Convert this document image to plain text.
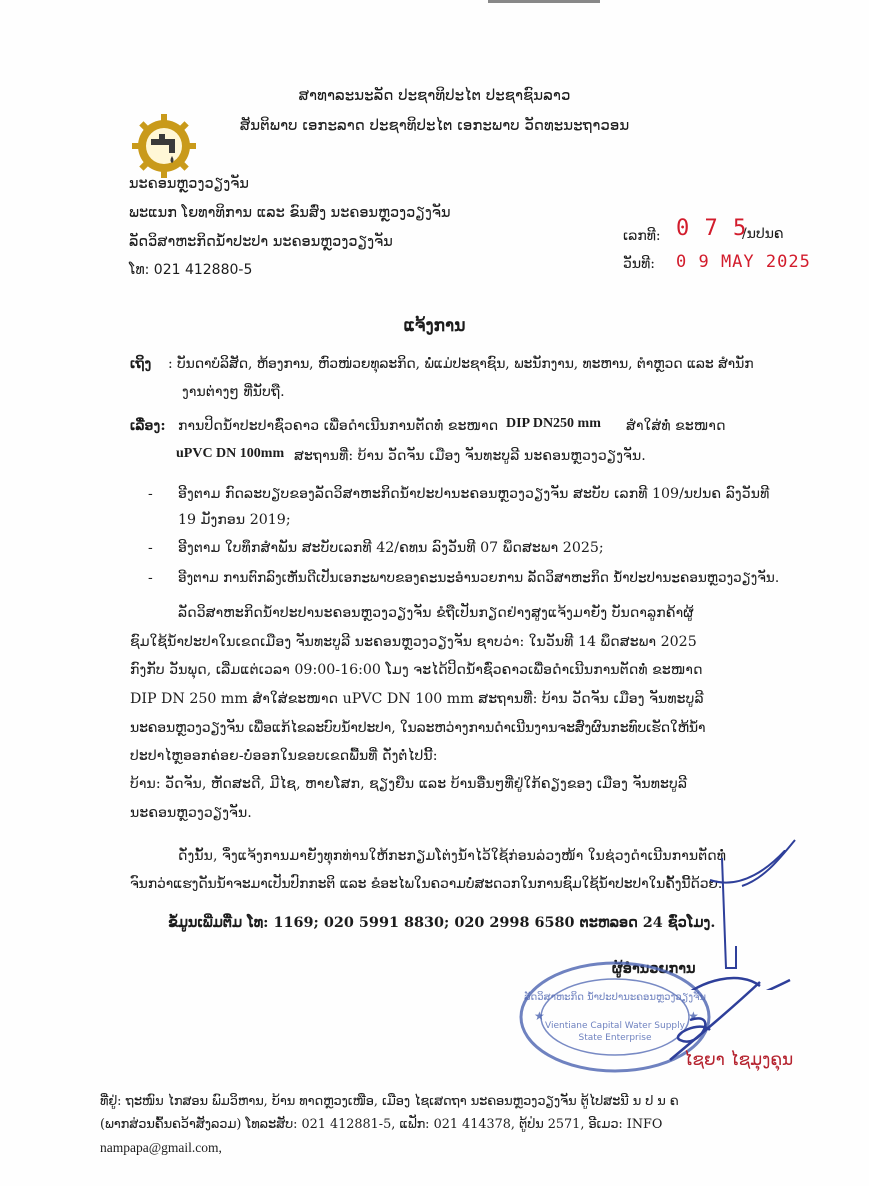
ສາທາລະນະລັດ ປະຊາທິປະໄຕ ປະຊາຊົນລາວ
ສັນຕິພາບ ເອກະລາດ ປະຊາທິປະໄຕ ເອກະພາບ ວັດທະນະຖາວອນ
ນະຄອນຫຼວງວຽງຈັນ
ພະແນກ ໂຍທາທິການ ແລະ ຂົນສົ່ງ ນະຄອນຫຼວງວຽງຈັນ
ລັດວິສາຫະກິດນ້ຳປະປາ ນະຄອນຫຼວງວຽງຈັນ
ໂທ: 021 412880-5
ເລກທີ: 0 7 5
/ນປນຄ
ວັນທີ: 0 9 MAY 2025
ແຈ້ງການ
ເຖິງ : ບັນດາບໍລິສັດ, ຫ້ອງການ, ຫົວໜ່ວຍທຸລະກິດ, ພໍ່ແມ່ປະຊາຊົນ, ພະນັກງານ, ທະຫານ, ຕຳຫຼວດ ແລະ ສຳນັກ
ງານຕ່າງໆ ທີ່ນັບຖື.
ເລື່ອງ: ການປິດນ້ຳປະປາຊົ່ວຄາວ ເພື່ອດຳເນີນການຕັດທໍ່ ຂະໜາດ DIP DN250 mm ສຳໃສ່ທໍ່ ຂະໜາດ
uPVC DN 100mm ສະຖານທີ່: ບ້ານ ວັດຈັນ ເມືອງ ຈັນທະບູລີ ນະຄອນຫຼວງວຽງຈັນ.
- ອີງຕາມ ກົດລະບຽບຂອງລັດວິສາຫະກິດນ້ຳປະປານະຄອນຫຼວງວຽງຈັນ ສະບັບ ເລກທີ 109/ນປນຄ ລົງວັນທີ
19 ມັງກອນ 2019;
- ອີງຕາມ ໃບທຶກສຳພັນ ສະບັບເລກທີ 42/ຄທນ ລົງວັນທີ 07 ພຶດສະພາ 2025;
- ອີງຕາມ ການຕົກລົງເຫັນດີເປັນເອກະພາບຂອງຄະນະອຳນວຍການ ລັດວິສາຫະກິດ ນ້ຳປະປານະຄອນຫຼວງວຽງຈັນ.
ລັດວິສາຫະກິດນ້ຳປະປານະຄອນຫຼວງວຽງຈັນ ຂໍຖືເປັນກຽດຢ່າງສູງແຈ້ງມາຍັງ ບັນດາລູກຄ້າຜູ້
ຊົມໃຊ້ນ້ຳປະປາໃນເຂດເມືອງ ຈັນທະບູລີ ນະຄອນຫຼວງວຽງຈັນ ຊາບວ່າ: ໃນວັນທີ 14 ພຶດສະພາ 2025
ກົງກັບ ວັນພຸດ, ເລີ່ມແຕ່ເວລາ 09:00-16:00 ໂມງ ຈະໄດ້ປິດນ້ຳຊົ່ວຄາວເພື່ອດຳເນີນການຕັດທໍ່ ຂະໜາດ
DIP DN 250 mm ສຳໃສ່ຂະໜາດ uPVC DN 100 mm ສະຖານທີ່: ບ້ານ ວັດຈັນ ເມືອງ ຈັນທະບູລີ
ນະຄອນຫຼວງວຽງຈັນ ເພື່ອແກ້ໄຂລະບົບນ້ຳປະປາ, ໃນລະຫວ່າງການດຳເນີນງານຈະສົ່ງຜົນກະທົບເຮັດໃຫ້ນ້ຳ
ປະປາໄຫຼອອກຄ່ອຍ-ບໍ່ອອກໃນຂອບເຂດພື້ນທີ່ ດັ່ງຕໍ່ໄປນີ້:
ບ້ານ: ວັດຈັນ, ຫັດສະດີ, ມີໄຊ, ຫາຍໂສກ, ຊຽງຍືນ ແລະ ບ້ານອື່ນໆທີ່ຢູ່ໃກ້ຄຽງຂອງ ເມືອງ ຈັນທະບູລີ
ນະຄອນຫຼວງວຽງຈັນ.
ດັ່ງນັ້ນ, ຈຶ່ງແຈ້ງການມາຍັງທຸກທ່ານໃຫ້ກະກຽມໂຕ່ງນ້ຳໄວ້ໃຊ້ກ່ອນລ່ວງໜ້າ ໃນຊ່ວງດຳເນີນການຕັດທໍ່
ຈົນກວ່າແຮງດັນນ້ຳຈະມາເປັນປົກກະຕິ ແລະ ຂໍອະໄພໃນຄວາມບໍ່ສະດວກໃນການຊົມໃຊ້ນ້ຳປະປາໃນຄັ້ງນີ້ດ້ວຍ.
ຂໍ້ມູນເພີ່ມຕື່ມ ໂທ: 1169; 020 5991 8830; 020 2998 6580 ຕະຫລອດ 24 ຊົ່ວໂມງ.
ຜູ້ອຳນວຍການ
ລັດວິສາຫະກິດ ນ້ຳປະປານະຄອນຫຼວງວຽງຈັນ
Vientiane Capital Water Supply
State Enterprise
★	★
ໄຊຍາ ໄຊມຸງຄຸນ
ທີ່ຢູ່: ຖະໜົນ ໄກສອນ ພົມວິຫານ, ບ້ານ ທາດຫຼວງເໜືອ, ເມືອງ ໄຊເສດຖາ ນະຄອນຫຼວງວຽງຈັນ ຕູ້ໄປສະນີ ນ ປ ນ ຄ
(ພາກສ່ວນຄົ້ນຄວ້າສັງລວມ) ໂທລະສັບ: 021 412881-5, ແຟັກ: 021 414378, ຕູ້ປ່ນ 2571, ອີເມວ: INFO
nampapa@gmail.com,
